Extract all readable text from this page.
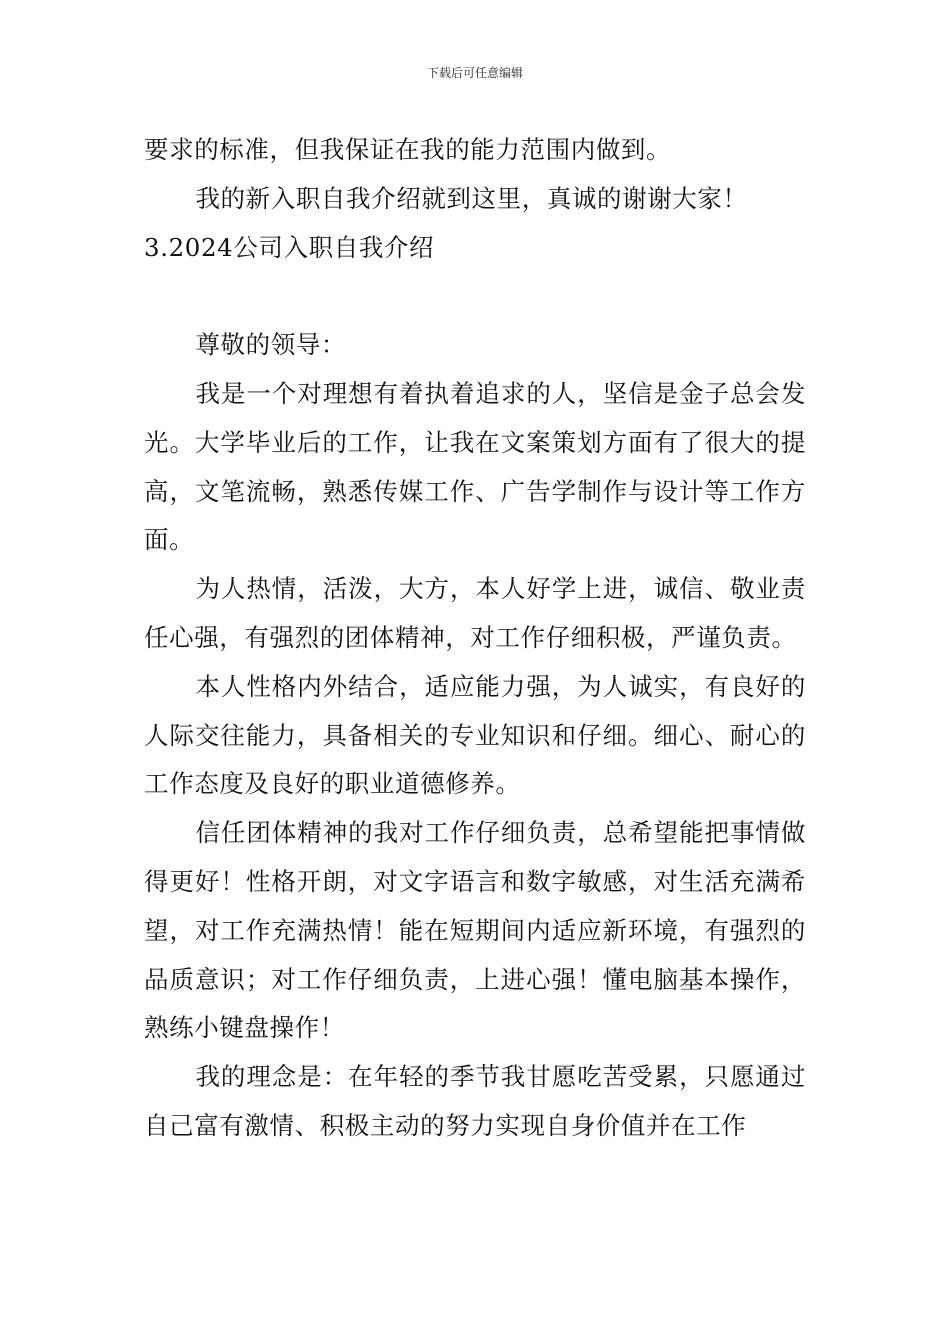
下载后可任意编辑

要求的标准，但我保证在我的能力范围内做到。

我的新入职自我介绍就到这里，真诚的谢谢大家！

3.2024公司入职自我介绍

尊敬的领导：

我是一个对理想有着执着追求的人，坚信是金子总会发光。大学毕业后的工作，让我在文案策划方面有了很大的提高，文笔流畅，熟悉传媒工作、广告学制作与设计等工作方面。

为人热情，活泼，大方，本人好学上进，诚信、敬业责任心强，有强烈的团体精神，对工作仔细积极，严谨负责。

本人性格内外结合，适应能力强，为人诚实，有良好的人际交往能力，具备相关的专业知识和仔细。细心、耐心的工作态度及良好的职业道德修养。

信任团体精神的我对工作仔细负责，总希望能把事情做得更好！性格开朗，对文字语言和数字敏感，对生活充满希望，对工作充满热情！能在短期间内适应新环境，有强烈的品质意识；对工作仔细负责，上进心强！懂电脑基本操作，熟练小键盘操作！

我的理念是：在年轻的季节我甘愿吃苦受累，只愿通过自己富有激情、积极主动的努力实现自身价值并在工作
